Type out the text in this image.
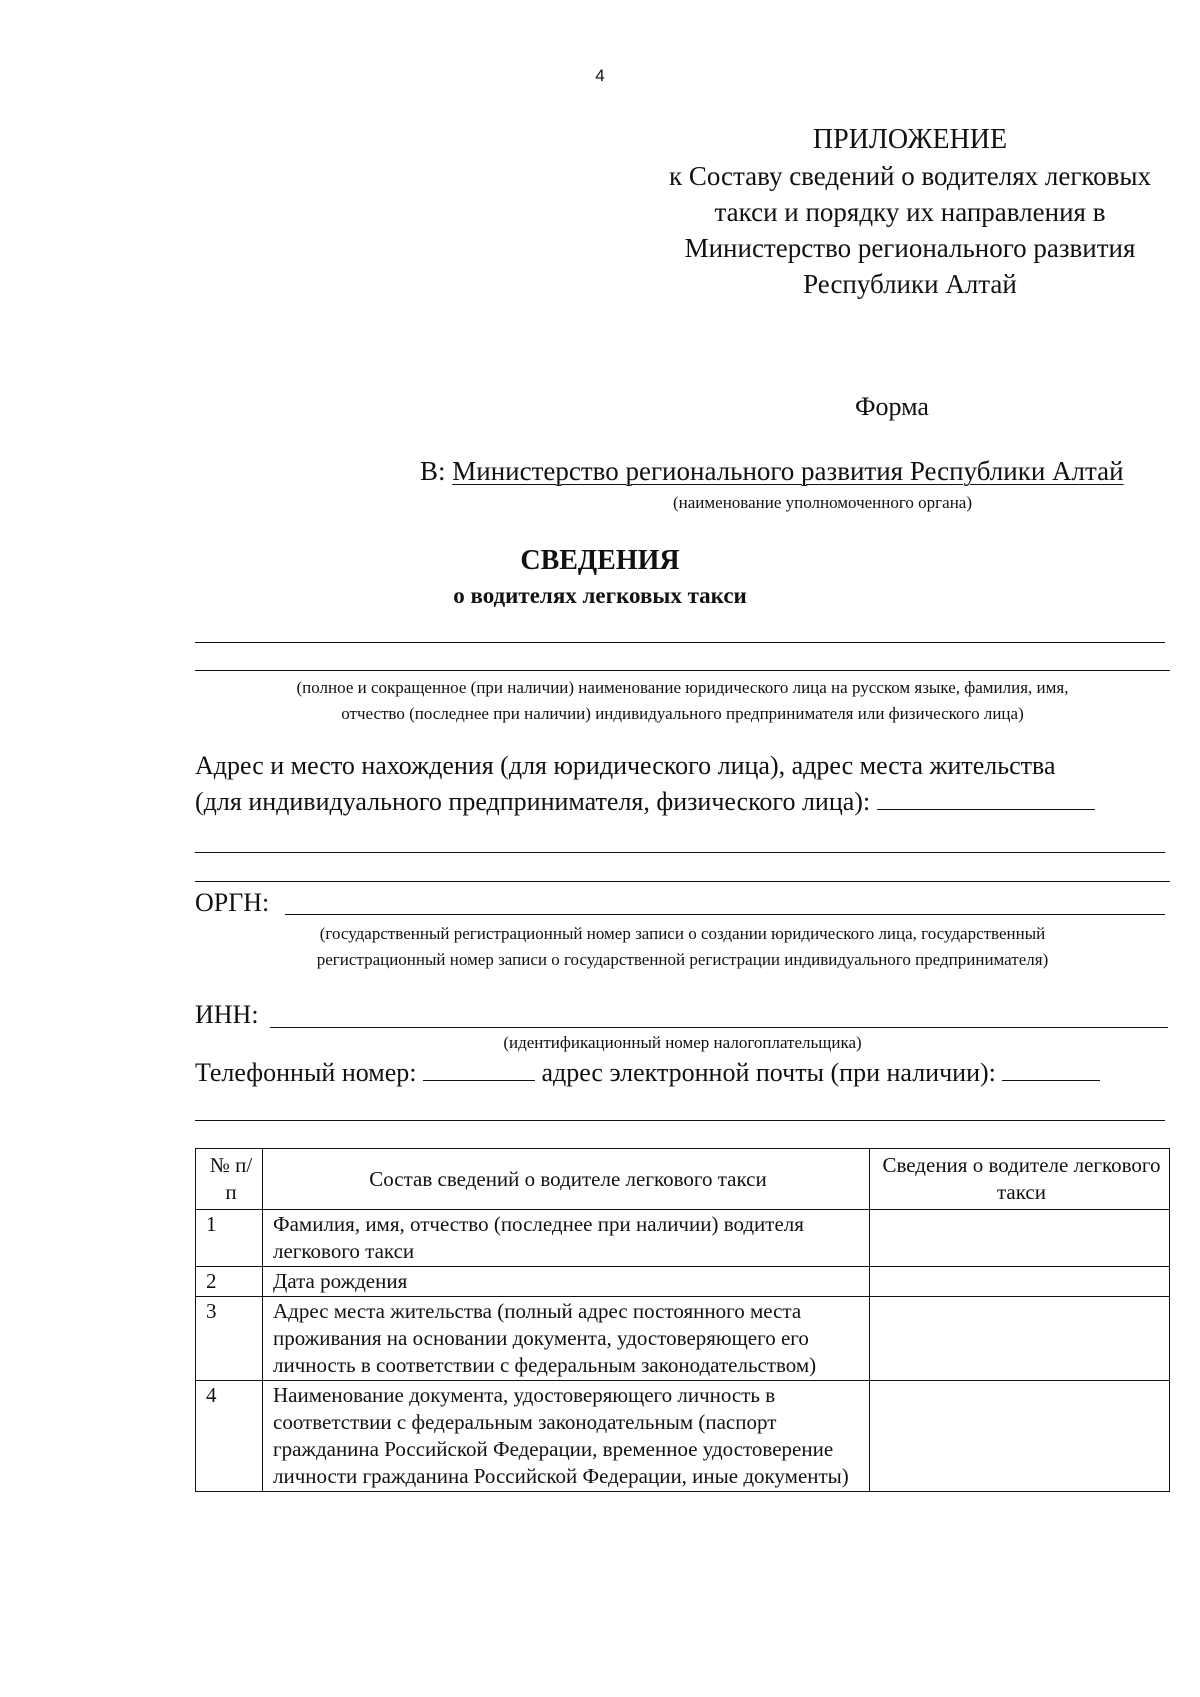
4
ПРИЛОЖЕНИЕ
к Составу сведений о водителях легковых
такси и порядку их направления в
Министерство регионального развития
Республики Алтай
Форма
В: Министерство регионального развития Республики Алтай
(наименование уполномоченного органа)
СВЕДЕНИЯ
о водителях легковых такси
(полное и сокращенное (при наличии) наименование юридического лица на русском языке, фамилия, имя,
отчество (последнее при наличии) индивидуального предпринимателя или физического лица)
Адрес и место нахождения (для юридического лица), адрес места жительства
(для индивидуального предпринимателя, физического лица):
ОРГН:
(государственный регистрационный номер записи о создании юридического лица, государственный
регистрационный номер записи о государственной регистрации индивидуального предпринимателя)
ИНН:
(идентификационный номер налогоплательщика)
Телефонный номер:	адрес электронной почты (при наличии):
№ п/п	Состав сведений о водителе легкового такси	Сведения о водителе легкового такси
1	Фамилия, имя, отчество (последнее при наличии) водителя легкового такси	
2	Дата рождения	
3	Адрес места жительства (полный адрес постоянного места проживания на основании документа, удостоверяющего его личность в соответствии с федеральным законодательством)	
4	Наименование документа, удостоверяющего личность в соответствии с федеральным законодательным (паспорт гражданина Российской Федерации, временное удостоверение личности гражданина Российской Федерации, иные документы)	
